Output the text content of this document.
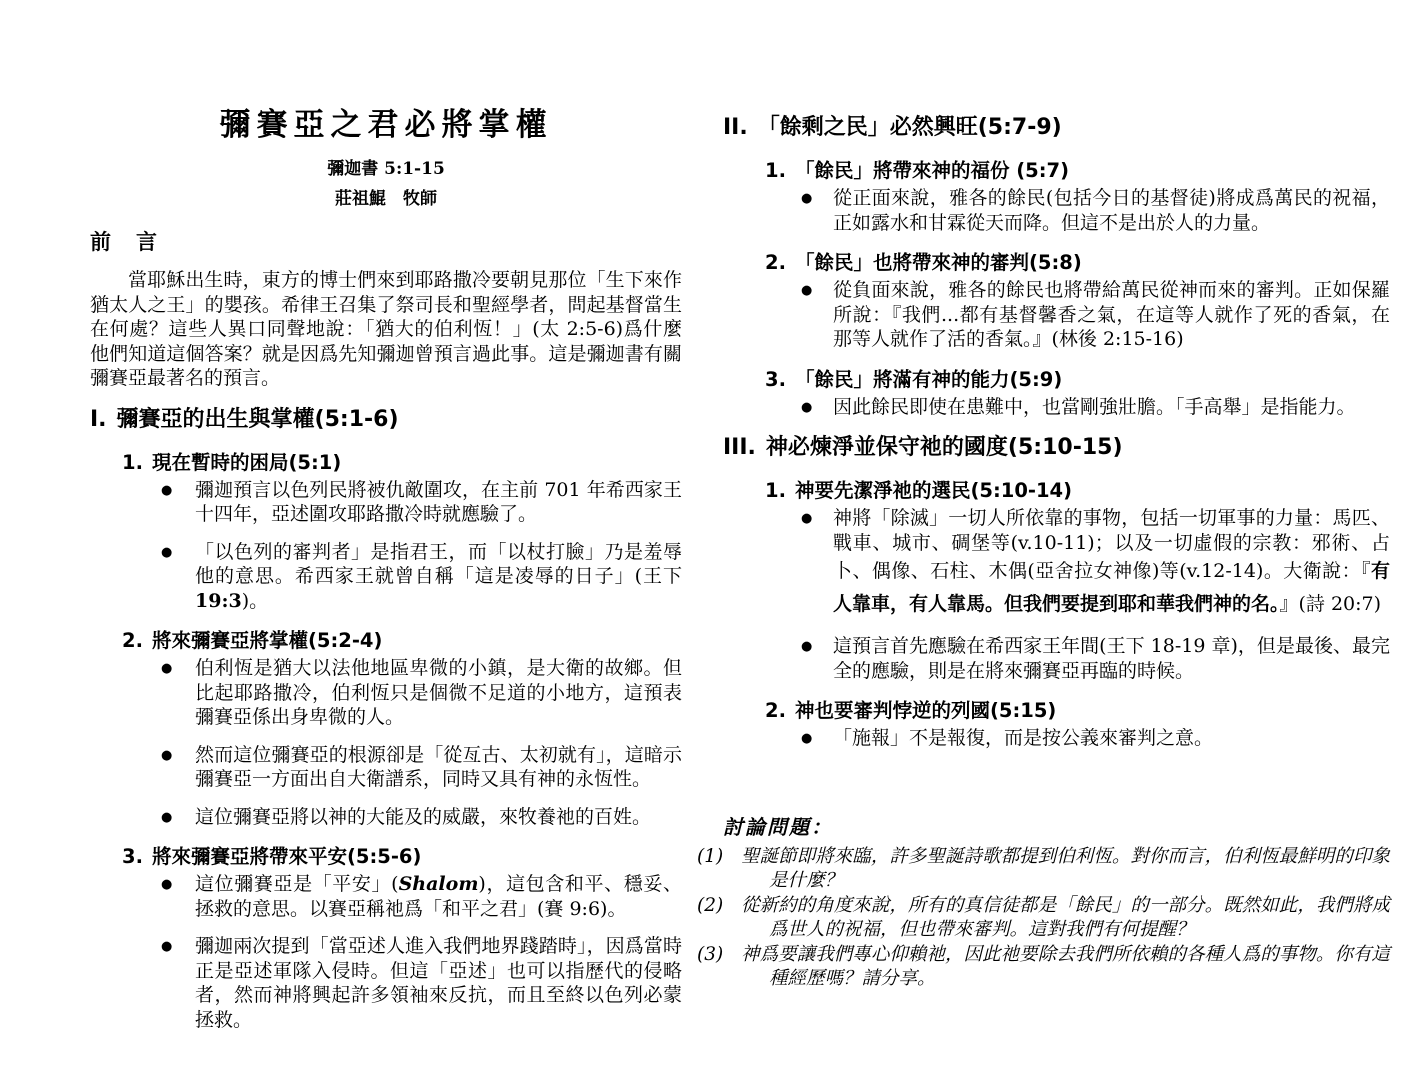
彌賽亞之君必將掌權
彌迦書 5:1-15
莊祖鯤　牧師
前　言

當耶穌出生時，東方的博士們來到耶路撒冷要朝見那位「生下來作猶太人之王」的嬰孩。希律王召集了祭司長和聖經學者，問起基督當生在何處？這些人異口同聲地說：「猶大的伯利恆！」(太 2:5-6)爲什麼他們知道這個答案？就是因爲先知彌迦曾預言過此事。這是彌迦書有關彌賽亞最著名的預言。

I. 彌賽亞的出生與掌權(5:1-6)
1. 現在暫時的困局(5:1)
● 彌迦預言以色列民將被仇敵圍攻，在主前 701 年希西家王十四年，亞述圍攻耶路撒冷時就應驗了。
● 「以色列的審判者」是指君王，而「以杖打臉」乃是羞辱他的意思。希西家王就曾自稱「這是凌辱的日子」(王下 19:3)。
2. 將來彌賽亞將掌權(5:2-4)
● 伯利恆是猶大以法他地區卑微的小鎮，是大衛的故鄉。但比起耶路撒冷，伯利恆只是個微不足道的小地方，這預表彌賽亞係出身卑微的人。
● 然而這位彌賽亞的根源卻是「從亙古、太初就有」，這暗示彌賽亞一方面出自大衛譜系，同時又具有神的永恆性。
● 這位彌賽亞將以神的大能及的威嚴，來牧養祂的百姓。
3. 將來彌賽亞將帶來平安(5:5-6)
● 這位彌賽亞是「平安」(Shalom)，這包含和平、穩妥、拯救的意思。以賽亞稱祂爲「和平之君」(賽 9:6)。
● 彌迦兩次提到「當亞述人進入我們地界踐踏時」，因爲當時正是亞述軍隊入侵時。但這「亞述」也可以指歷代的侵略者，然而神將興起許多領袖來反抗，而且至終以色列必蒙拯救。
II. 「餘剩之民」必然興旺(5:7-9)
1. 「餘民」將帶來神的福份 (5:7)
● 從正面來說，雅各的餘民(包括今日的基督徒)將成爲萬民的祝福，正如露水和甘霖從天而降。但這不是出於人的力量。
2. 「餘民」也將帶來神的審判(5:8)
● 從負面來說，雅各的餘民也將帶給萬民從神而來的審判。正如保羅所說：『我們...都有基督馨香之氣，在這等人就作了死的香氣，在那等人就作了活的香氣。』(林後 2:15-16)
3. 「餘民」將滿有神的能力(5:9)
● 因此餘民即使在患難中，也當剛強壯膽。「手高舉」是指能力。
III. 神必煉淨並保守祂的國度(5:10-15)
1. 神要先潔淨祂的選民(5:10-14)
● 神將「除滅」一切人所依靠的事物，包括一切軍事的力量：馬匹、戰車、城市、碉堡等(v.10-11)；以及一切虛假的宗教：邪術、占卜、偶像、石柱、木偶(亞舍拉女神像)等(v.12-14)。大衛說：『有人靠車，有人靠馬。但我們要提到耶和華我們神的名。』(詩 20:7)
● 這預言首先應驗在希西家王年間(王下 18-19 章)，但是最後、最完全的應驗，則是在將來彌賽亞再臨的時候。
2. 神也要審判悖逆的列國(5:15)
● 「施報」不是報復，而是按公義來審判之意。
討論問題：
(1) 聖誕節即將來臨，許多聖誕詩歌都提到伯利恆。對你而言，伯利恆最鮮明的印象是什麼？
(2) 從新約的角度來說，所有的真信徒都是「餘民」的一部分。既然如此，我們將成爲世人的祝福，但也帶來審判。這對我們有何提醒？
(3) 神爲要讓我們專心仰賴祂，因此祂要除去我們所依賴的各種人爲的事物。你有這種經歷嗎？請分享。
